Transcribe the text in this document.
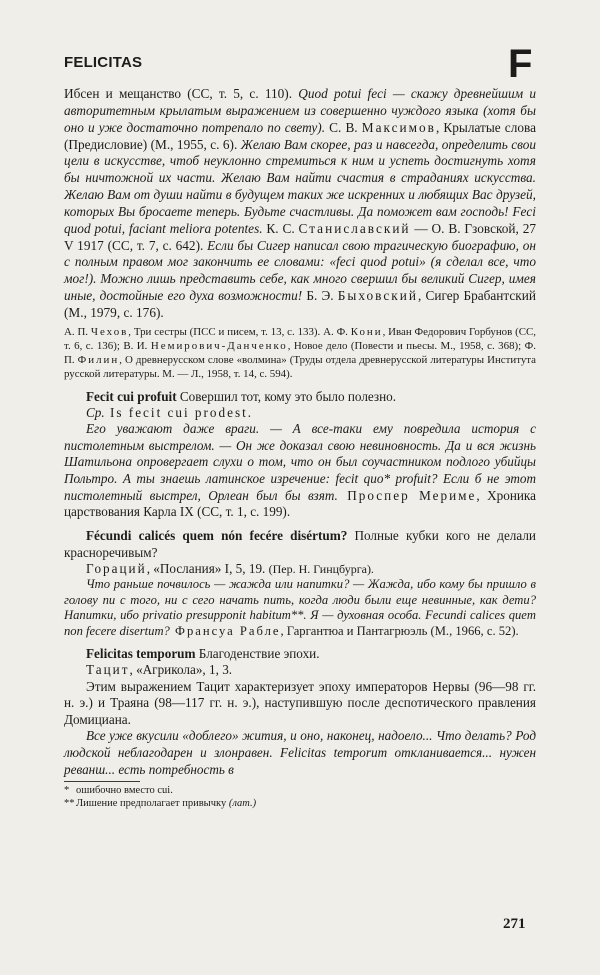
FELICITAS	F
Ибсен и мещанство (СС, т. 5, с. 110). Quod potui feci — скажу древнейшим и авторитетным крылатым выражением из совершенно чуждого языка (хотя бы оно и уже достаточно потрепало по свету). С. В. Максимов, Крылатые слова (Предисловие) (М., 1955, с. 6). Желаю Вам скорее, раз и навсегда, определить свои цели в искусстве, чтоб неуклонно стремиться к ним и успеть достигнуть хотя бы ничтожной их части. Желаю Вам найти счастия в страданиях искусства. Желаю Вам от души найти в будущем таких же искренних и любящих Вас друзей, которых Вы бросаете теперь. Будьте счастливы. Да поможет вам господь! Feci quod potui, faciant meliora potentes. К. С. Станиславский — О. В. Гзовской, 27 V 1917 (СС, т. 7, с. 642). Если бы Сигер написал свою трагическую биографию, он с полным правом мог закончить ее словами: «feci quod potui» (я сделал все, что мог!). Можно лишь представить себе, как много свершил бы великий Сигер, имея иные, достойные его духа возможности! Б. Э. Быховский, Сигер Брабантский (М., 1979, с. 176).
А. П. Чехов, Три сестры (ПСС и писем, т. 13, с. 133). А. Ф. Кони, Иван Федорович Горбунов (СС, т. 6, с. 136); В. И. Немирович-Данченко, Новое дело (Повести и пьесы. М., 1958, с. 368); Ф. П. Филин, О древнерусском слове «волмина» (Труды отдела древнерусской литературы Института русской литературы. М. — Л., 1958, т. 14, с. 594).
Fecit cui profuit Совершил тот, кому это было полезно.
Ср. Is fecit cui prodest.
Его уважают даже враги. — А все-таки ему повредила история с пистолетным выстрелом. — Он же доказал свою невиновность. Да и вся жизнь Шатильона опровергает слухи о том, что он был соучастником подлого убийцы Польтро. А ты знаешь латинское изречение: fecit quo* profuit? Если б не этот пистолетный выстрел, Орлеан был бы взят. Проспер Мериме, Хроника царствования Карла IX (СС, т. 1, с. 199).
Fécundi calicés quem nón fecére disértum? Полные кубки кого не делали красноречивым?
Гораций, «Послания» I, 5, 19. (Пер. Н. Гинцбурга).
Что раньше почвилось — жажда или напитки? — Жажда, ибо кому бы пришло в голову пи с того, ни с сего начать пить, когда люди были еще невинные, как дети? Напитки, ибо privatio presupponit habitum**. Я — духовная особа. Fecundi calices quem non fecere disertum? Франсуа Рабле, Гаргантюа и Пантагрюэль (М., 1966, с. 52).
Felicitas temporum Благоденствие эпохи.
Тацит, «Агрикола», 1, 3.
Этим выражением Тацит характеризует эпоху императоров Нервы (96—98 гг. н. э.) и Траяна (98—117 гг. н. э.), наступившую после деспотического правления Домициана.
Все уже вкусили «доблего» жития, и оно, наконец, надоело... Что делать? Род людской неблагодарен и злонравен. Felicitas temporum откланивается... нужен реванш... есть потребность в
* ошибочно вместо cui.
** Лишение предполагает привычку (лат.)
271
